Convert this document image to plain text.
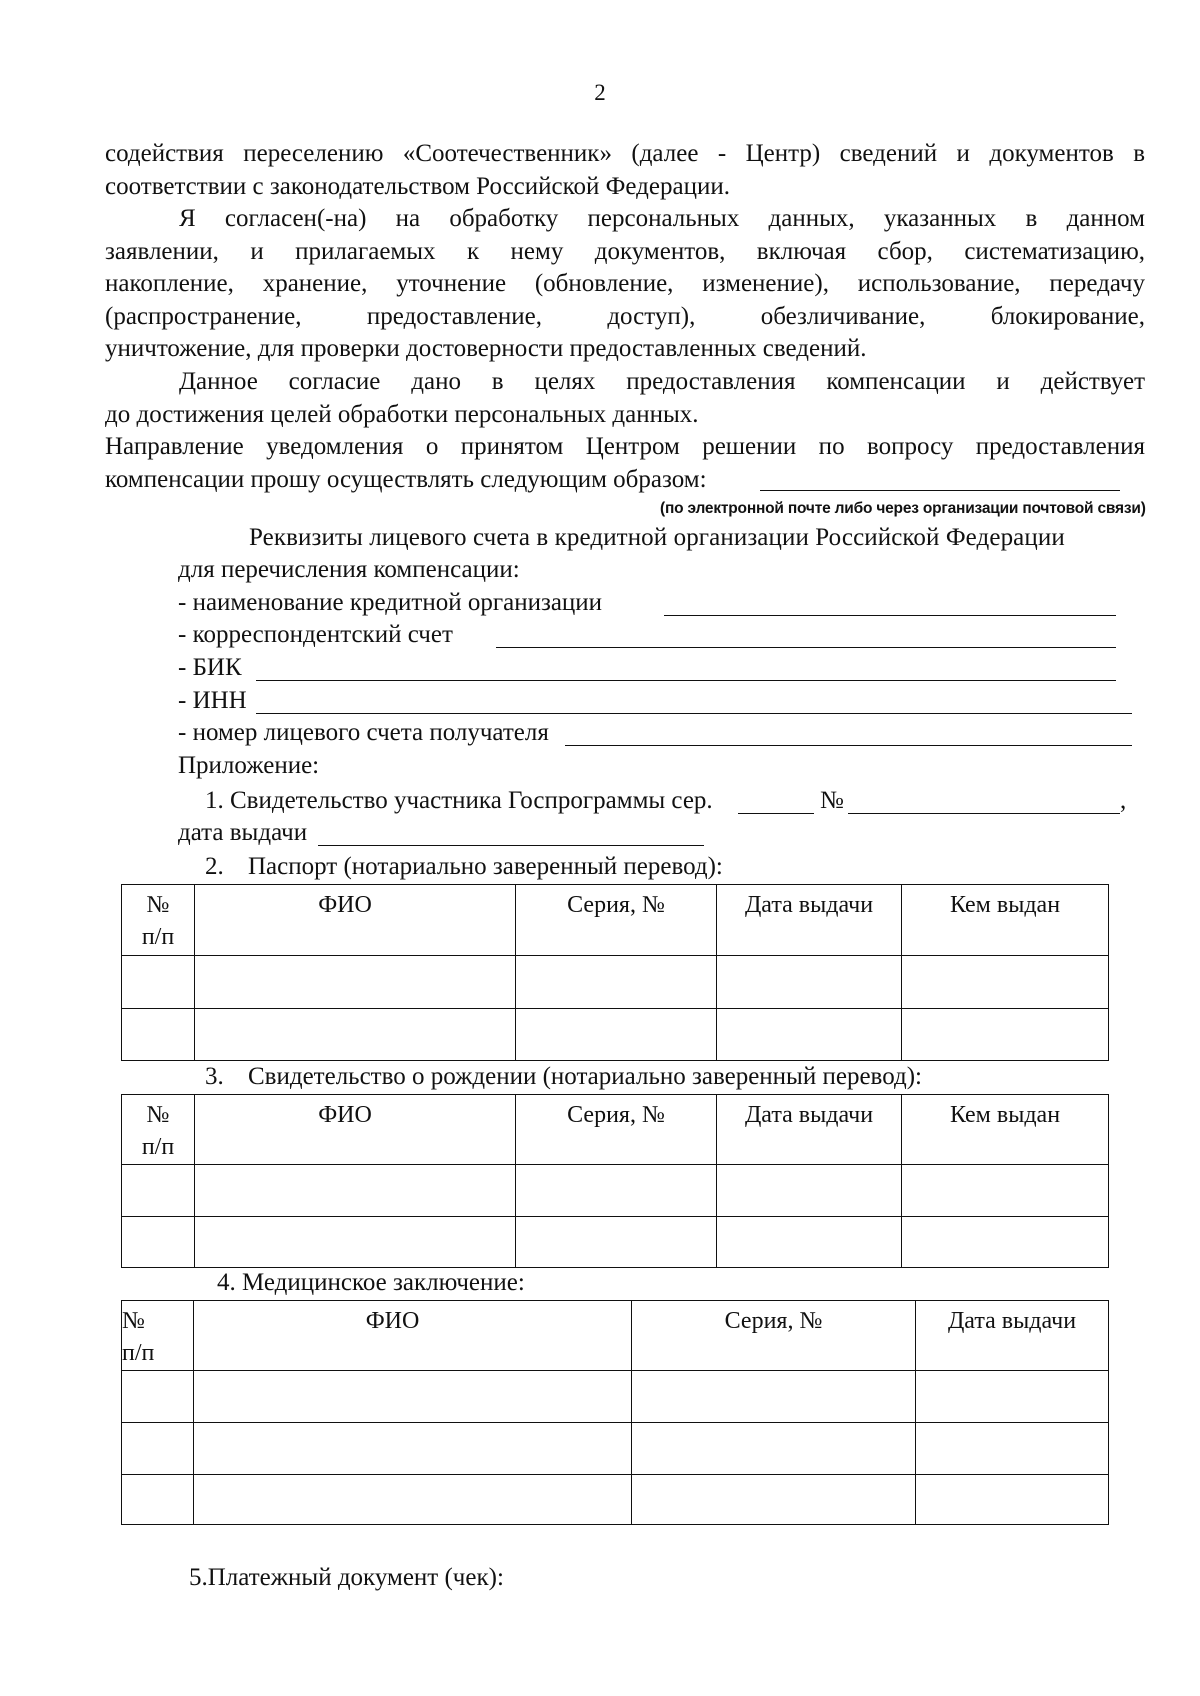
2
содействия переселению «Соотечественник» (далее - Центр) сведений и документов в
соответствии с законодательством Российской Федерации.
Я согласен(-на) на обработку персональных данных, указанных в данном
заявлении, и прилагаемых к нему документов, включая сбор, систематизацию,
накопление, хранение, уточнение (обновление, изменение), использование, передачу
(распространение, предоставление, доступ), обезличивание, блокирование,
уничтожение, для проверки достоверности предоставленных сведений.
Данное согласие дано в целях предоставления компенсации и действует
до достижения целей обработки персональных данных.
Направление уведомления о принятом Центром решении по вопросу предоставления
компенсации прошу осуществлять следующим образом:
(по электронной почте либо через организации почтовой связи)
Реквизиты лицевого счета в кредитной организации Российской Федерации
для перечисления компенсации:
- наименование кредитной организации
- корреспондентский счет
- БИК
- ИНН
- номер лицевого счета получателя
Приложение:
1. Свидетельство участника Госпрограммы сер.	№	,
дата выдачи
2. Паспорт (нотариально заверенный перевод):
№
п/п	ФИО	Серия, №	Дата выдачи	Кем выдан

3. Свидетельство о рождении (нотариально заверенный перевод):
№
п/п	ФИО	Серия, №	Дата выдачи	Кем выдан

4. Медицинское заключение:
№
п/п	ФИО	Серия, №	Дата выдачи

5.Платежный документ (чек):
